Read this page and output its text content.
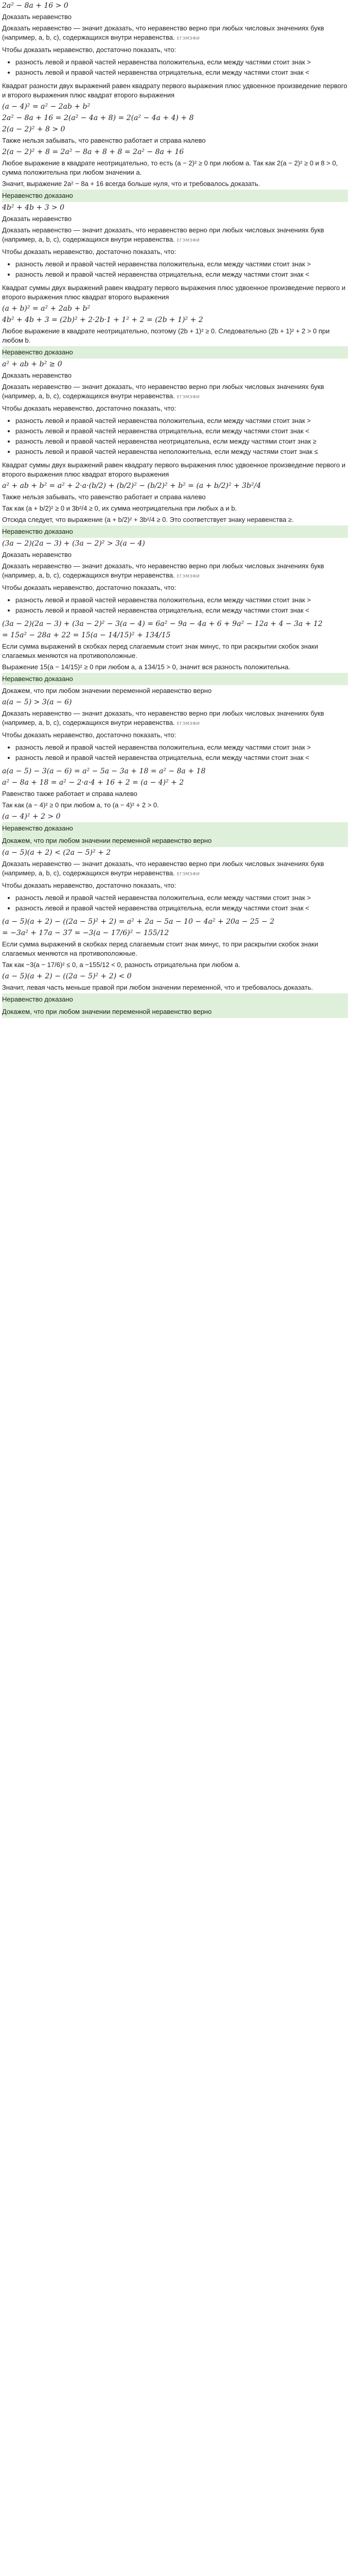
2a² − 8a + 16 > 0

Доказать неравенство

Доказать неравенство — значит доказать, что неравенство верно при любых числовых значениях букв (например, a, b, c), содержащихся внутри неравенства. ЕГЭМЭФИ

Чтобы доказать неравенство, достаточно показать, что:

• разность левой и правой частей неравенства положительна, если между частями стоит знак >
• разность левой и правой частей неравенства отрицательна, если между частями стоит знак <

Квадрат разности двух выражений равен квадрату первого выражения плюс удвоенное произведение первого и второго выражения плюс квадрат второго выражения

(a − 4)² = a² − 2ab + b²

2a² − 8a + 16 = 2(a² − 4a + 8) = 2(a² − 4a + 4) + 8

2(a − 2)² + 8 > 0

Также нельзя забывать, что равенство работает и справа налево

2(a − 2)² + 8 = 2a² − 8a + 8 + 8 = 2a² − 8a + 16

Любое выражение в квадрате неотрицательно, то есть (a − 2)² ≥ 0 при любом a. Так как 2(a − 2)² ≥ 0 и 8 > 0, сумма положительна при любом значении a.

Значит, выражение 2a² − 8a + 16 всегда больше нуля, что и требовалось доказать.

Неравенство доказано

4b² + 4b + 3 > 0

Доказать неравенство

Доказать неравенство — значит доказать, что неравенство верно при любых числовых значениях букв (например, a, b, c), содержащихся внутри неравенства. ЕГЭМЭФИ

Чтобы доказать неравенство, достаточно показать, что:

• разность левой и правой частей неравенства положительна, если между частями стоит знак >
• разность левой и правой частей неравенства отрицательна, если между частями стоит знак <

Квадрат суммы двух выражений равен квадрату первого выражения плюс удвоенное произведение первого и второго выражения плюс квадрат второго выражения

(a + b)² = a² + 2ab + b²

4b² + 4b + 3 = (2b)² + 2·2b·1 + 1² + 2 = (2b + 1)² + 2

Любое выражение в квадрате неотрицательно, поэтому (2b + 1)² ≥ 0. Следовательно (2b + 1)² + 2 > 0 при любом b.

Неравенство доказано

a² + ab + b² ≥ 0

Доказать неравенство

Доказать неравенство — значит доказать, что неравенство верно при любых числовых значениях букв (например, a, b, c), содержащихся внутри неравенства. ЕГЭМЭФИ

Чтобы доказать неравенство, достаточно показать, что:

• разность левой и правой частей неравенства положительна, если между частями стоит знак >
• разность левой и правой частей неравенства отрицательна, если между частями стоит знак <
• разность левой и правой частей неравенства неотрицательна, если между частями стоит знак ≥
• разность левой и правой частей неравенства неположительна, если между частями стоит знак ≤

Квадрат суммы двух выражений равен квадрату первого выражения плюс удвоенное произведение первого и второго выражения плюс квадрат второго выражения

a² + ab + b² = a² + 2·a·(b/2) + (b/2)² − (b/2)² + b² = (a + b/2)² + 3b²/4

Также нельзя забывать, что равенство работает и справа налево

Так как (a + b/2)² ≥ 0 и 3b²/4 ≥ 0, их сумма неотрицательна при любых a и b.

Отсюда следует, что выражение (a + b/2)² + 3b²/4 ≥ 0. Это соответствует знаку неравенства ≥.

Неравенство доказано

(3a − 2)(2a − 3) + (3a − 2)² > 3(a − 4)

Доказать неравенство

Доказать неравенство — значит доказать, что неравенство верно при любых числовых значениях букв (например, a, b, c), содержащихся внутри неравенства. ЕГЭМЭФИ

Чтобы доказать неравенство, достаточно показать, что:

• разность левой и правой частей неравенства положительна, если между частями стоит знак >
• разность левой и правой частей неравенства отрицательна, если между частями стоит знак <

(3a − 2)(2a − 3) + (3a − 2)² − 3(a − 4) = 6a² − 9a − 4a + 6 + 9a² − 12a + 4 − 3a + 12

= 15a² − 28a + 22 = 15(a − 14/15)² + 134/15

Если сумма выражений в скобках перед слагаемым стоит знак минус, то при раскрытии скобок знаки слагаемых меняются на противоположные.

Выражение 15(a − 14/15)² ≥ 0 при любом a, а 134/15 > 0, значит вся разность положительна.

Неравенство доказано

Докажем, что при любом значении переменной неравенство верно

a(a − 5) > 3(a − 6)

Доказать неравенство — значит доказать, что неравенство верно при любых числовых значениях букв (например, a, b, c), содержащихся внутри неравенства. ЕГЭМЭФИ

Чтобы доказать неравенство, достаточно показать, что:

• разность левой и правой частей неравенства положительна, если между частями стоит знак >
• разность левой и правой частей неравенства отрицательна, если между частями стоит знак <

a(a − 5) − 3(a − 6) = a² − 5a − 3a + 18 = a² − 8a + 18

a² − 8a + 18 = a² − 2·a·4 + 16 + 2 = (a − 4)² + 2

Равенство также работает и справа налево

Так как (a − 4)² ≥ 0 при любом a, то (a − 4)² + 2 > 0.

(a − 4)² + 2 > 0

Неравенство доказано

Докажем, что при любом значении переменной неравенство верно

(a − 5)(a + 2) < (2a − 5)² + 2

Доказать неравенство — значит доказать, что неравенство верно при любых числовых значениях букв (например, a, b, c), содержащихся внутри неравенства. ЕГЭМЭФИ

Чтобы доказать неравенство, достаточно показать, что:

• разность левой и правой частей неравенства положительна, если между частями стоит знак >
• разность левой и правой частей неравенства отрицательна, если между частями стоит знак <

(a − 5)(a + 2) − ((2a − 5)² + 2) = a² + 2a − 5a − 10 − 4a² + 20a − 25 − 2

= −3a² + 17a − 37 = −3(a − 17/6)² − 155/12

Если сумма выражений в скобках перед слагаемым стоит знак минус, то при раскрытии скобок знаки слагаемых меняются на противоположные.

Так как −3(a − 17/6)² ≤ 0, а −155/12 < 0, разность отрицательна при любом a.

(a − 5)(a + 2) − ((2a − 5)² + 2) < 0

Значит, левая часть меньше правой при любом значении переменной, что и требовалось доказать.

Неравенство доказано

Докажем, что при любом значении переменной неравенство верно
